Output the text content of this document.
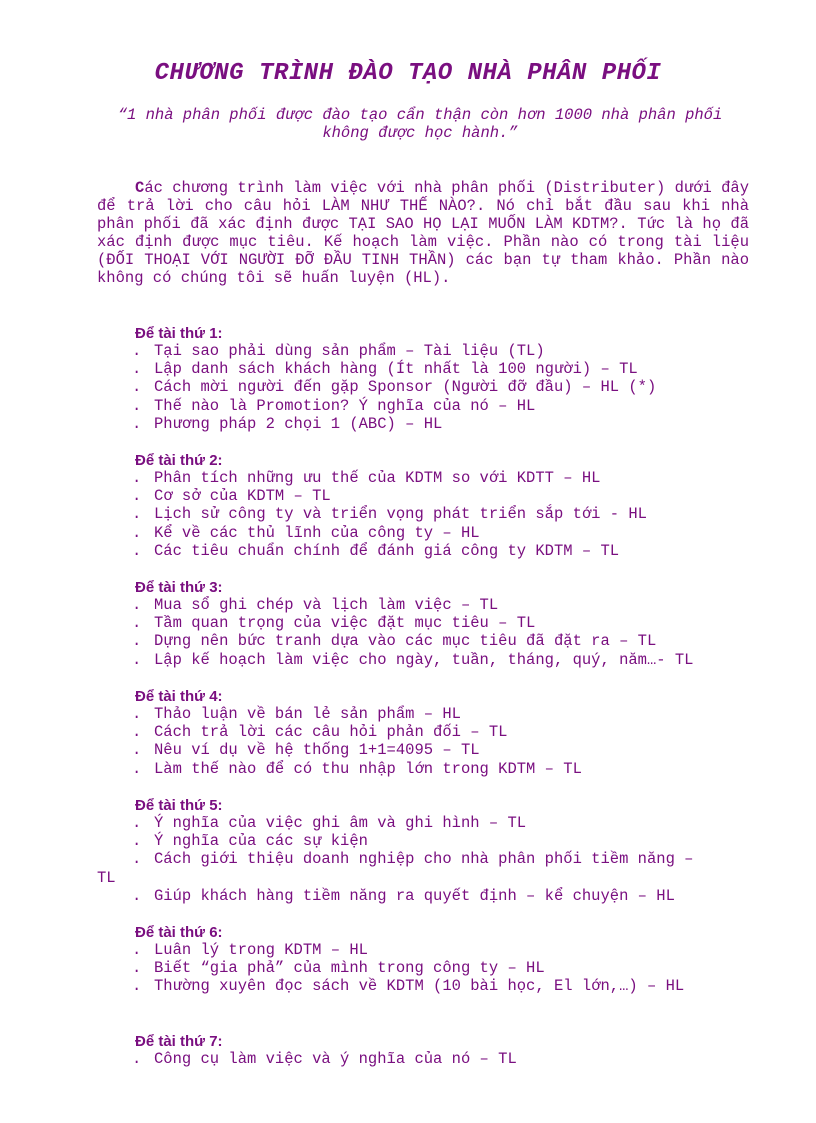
CHƯƠNG TRÌNH ĐÀO TẠO NHÀ PHÂN PHỐI
“1 nhà phân phối được đào tạo cẩn thận còn hơn 1000 nhà phân phối không được học hành.”

Các chương trình làm việc với nhà phân phối (Distributer) dưới đây để trả lời cho câu hỏi LÀM NHƯ THẾ NÀO?. Nó chỉ bắt đầu sau khi nhà phân phối đã xác định được TẠI SAO HỌ LẠI MUỐN LÀM KDTM?. Tức là họ đã xác định được mục tiêu. Kế hoạch làm việc. Phần nào có trong tài liệu (ĐỐI THOẠI VỚI NGƯỜI ĐỠ ĐẦU TINH THẦN) các bạn tự tham khảo. Phần nào không có chúng tôi sẽ huấn luyện (HL).

Để tài thứ 1:
. Tại sao phải dùng sản phẩm – Tài liệu (TL)
. Lập danh sách khách hàng (Ít nhất là 100 người) – TL
. Cách mời người đến gặp Sponsor (Người đỡ đầu) – HL (*)
. Thế nào là Promotion? Ý nghĩa của nó – HL
. Phương pháp 2 chọi 1 (ABC) – HL
Để tài thứ 2:
. Phân tích những ưu thế của KDTM so với KDTT – HL
. Cơ sở của KDTM – TL
. Lịch sử công ty và triển vọng phát triển sắp tới - HL
. Kể về các thủ lĩnh của công ty – HL
. Các tiêu chuẩn chính để đánh giá công ty KDTM – TL
Để tài thứ 3:
. Mua sổ ghi chép và lịch làm việc – TL
. Tầm quan trọng của việc đặt mục tiêu – TL
. Dựng nên bức tranh dựa vào các mục tiêu đã đặt ra – TL
. Lập kế hoạch làm việc cho ngày, tuần, tháng, quý, năm…- TL
Để tài thứ 4:
. Thảo luận về bán lẻ sản phẩm – HL
. Cách trả lời các câu hỏi phản đối – TL
. Nêu ví dụ về hệ thống 1+1=4095 – TL
. Làm thế nào để có thu nhập lớn trong KDTM – TL
Để tài thứ 5:
. Ý nghĩa của việc ghi âm và ghi hình – TL
. Ý nghĩa của các sự kiện
. Cách giới thiệu doanh nghiệp cho nhà phân phối tiềm năng –
TL
. Giúp khách hàng tiềm năng ra quyết định – kể chuyện – HL
Để tài thứ 6:
. Luân lý trong KDTM – HL
. Biết “gia phả” của mình trong công ty – HL
. Thường xuyên đọc sách về KDTM (10 bài học, El lớn,…) – HL
Để tài thứ 7:
. Công cụ làm việc và ý nghĩa của nó – TL
